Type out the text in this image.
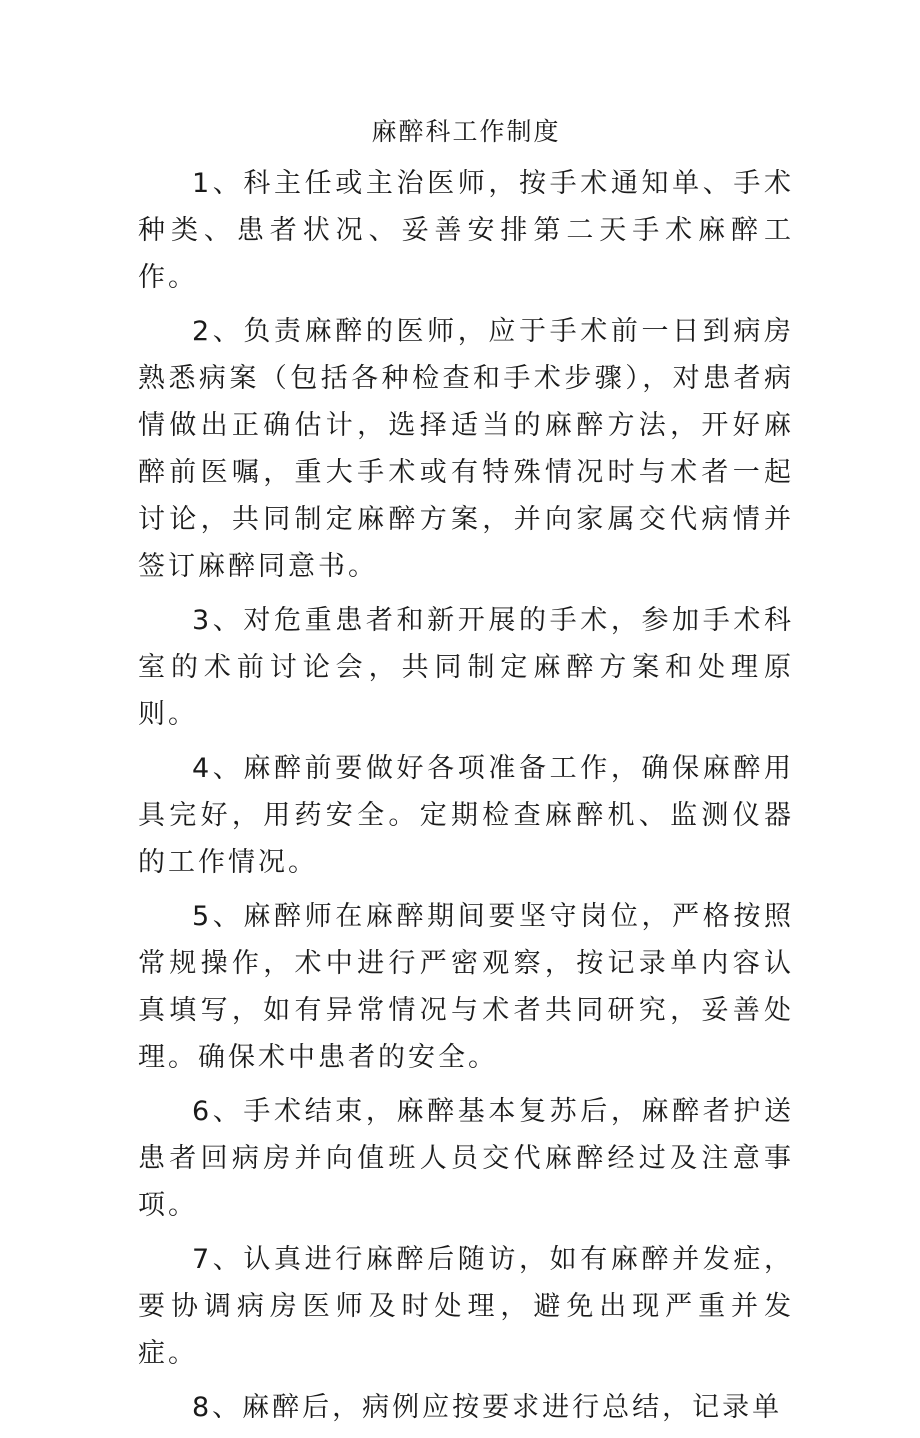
麻醉科工作制度

1、科主任或主治医师，按手术通知单、手术种类、患者状况、妥善安排第二天手术麻醉工作。

2、负责麻醉的医师，应于手术前一日到病房熟悉病案（包括各种检查和手术步骤），对患者病情做出正确估计，选择适当的麻醉方法，开好麻醉前医嘱，重大手术或有特殊情况时与术者一起讨论，共同制定麻醉方案，并向家属交代病情并签订麻醉同意书。

3、对危重患者和新开展的手术，参加手术科室的术前讨论会，共同制定麻醉方案和处理原则。

4、麻醉前要做好各项准备工作，确保麻醉用具完好，用药安全。定期检查麻醉机、监测仪器的工作情况。

5、麻醉师在麻醉期间要坚守岗位，严格按照常规操作，术中进行严密观察，按记录单内容认真填写，如有异常情况与术者共同研究，妥善处理。确保术中患者的安全。

6、手术结束，麻醉基本复苏后，麻醉者护送患者回病房并向值班人员交代麻醉经过及注意事项。

7、认真进行麻醉后随访，如有麻醉并发症，要协调病房医师及时处理，避免出现严重并发症。

8、麻醉后，病例应按要求进行总结，记录单
